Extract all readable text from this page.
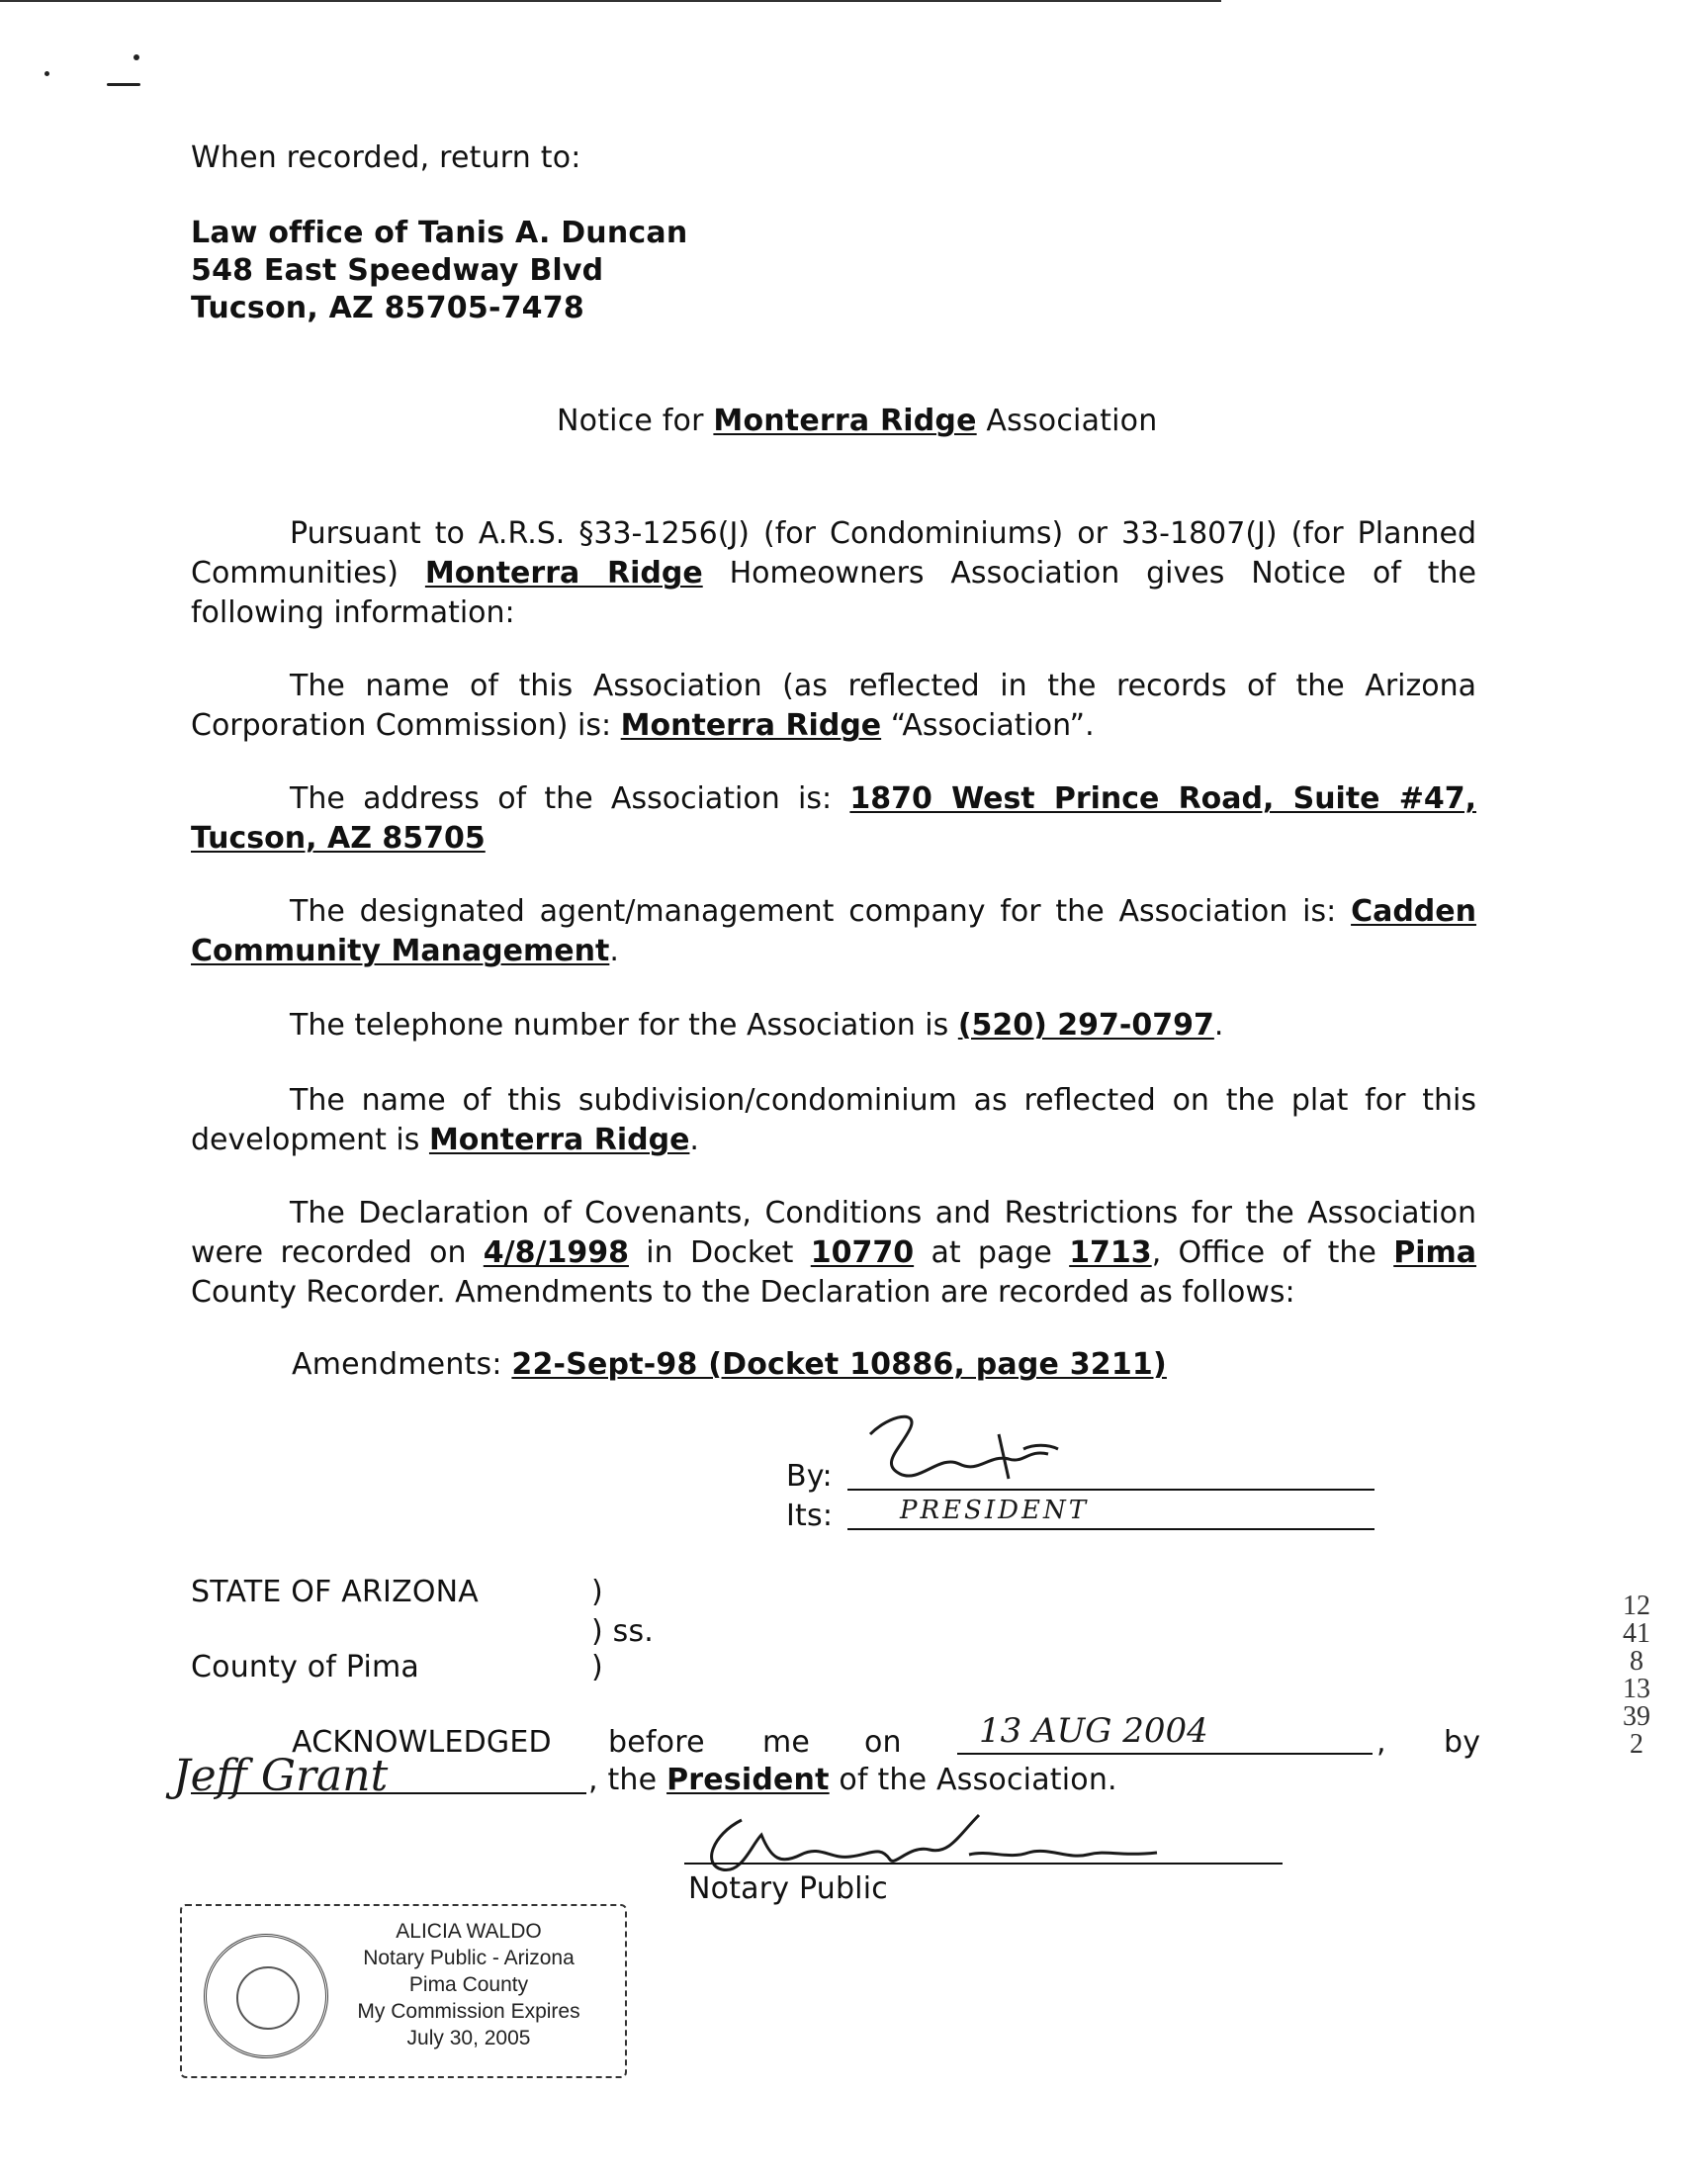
When recorded, return to:
Law office of Tanis A. Duncan
548 East Speedway Blvd
Tucson, AZ 85705-7478
Notice for Monterra Ridge Association

Pursuant to A.R.S. §33-1256(J) (for Condominiums) or 33-1807(J) (for Planned Communities) Monterra Ridge Homeowners Association gives Notice of the following information:

The name of this Association (as reflected in the records of the Arizona Corporation Commission) is: Monterra Ridge “Association”.

The address of the Association is: 1870 West Prince Road, Suite #47, Tucson, AZ 85705

The designated agent/management company for the Association is: Cadden Community Management.

The telephone number for the Association is (520) 297-0797.

The name of this subdivision/condominium as reflected on the plat for this development is Monterra Ridge.

The Declaration of Covenants, Conditions and Restrictions for the Association were recorded on 4/8/1998 in Docket 10770 at page 1713, Office of the Pima County Recorder. Amendments to the Declaration are recorded as follows:

Amendments: 22-Sept-98 (Docket 10886, page 3211)
By:
Its:	PRESIDENT
STATE OF ARIZONA	)
) ss.
County of Pima	)
ACKNOWLEDGED before me on 13 AUG 2004	, by
Jeff Grant	, the President of the Association.
Notary Public
ALICIA WALDO
Notary Public - Arizona
Pima County
My Commission Expires
July 30, 2005
12418 13392
